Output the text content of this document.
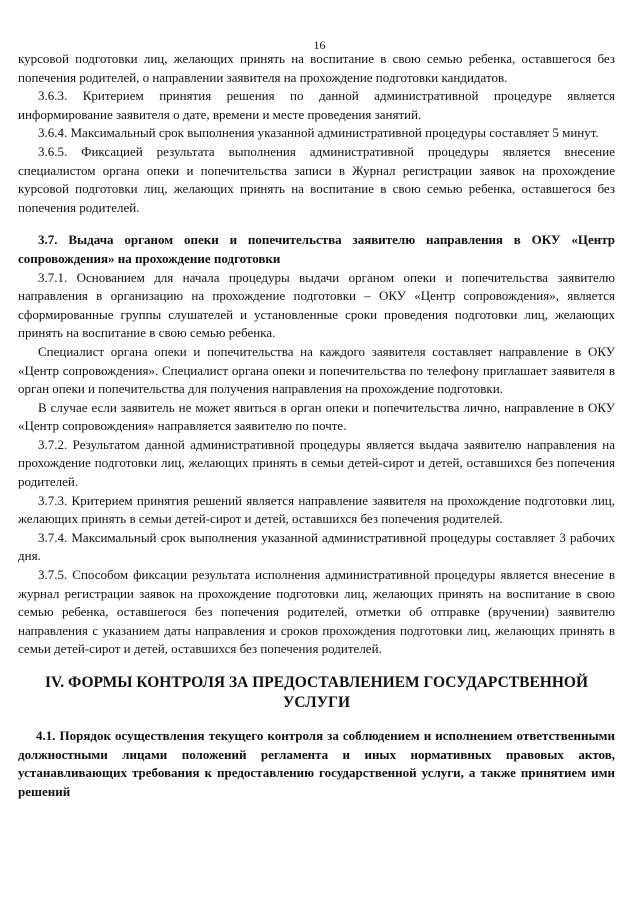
16

курсовой подготовки лиц, желающих принять на воспитание в свою семью ребенка, оставшегося без попечения родителей, о направлении заявителя на прохождение подготовки кандидатов.

3.6.3. Критерием принятия решения по данной административной процедуре является информирование заявителя о дате, времени и месте проведения занятий.

3.6.4. Максимальный срок выполнения указанной административной процедуры составляет 5 минут.

3.6.5. Фиксацией результата выполнения административной процедуры является внесение специалистом органа опеки и попечительства записи в Журнал регистрации заявок на прохождение курсовой подготовки лиц, желающих принять на воспитание в свою семью ребенка, оставшегося без попечения родителей.

3.7. Выдача органом опеки и попечительства заявителю направления в ОКУ «Центр сопровождения» на прохождение подготовки

3.7.1. Основанием для начала процедуры выдачи органом опеки и попечительства заявителю направления в организацию на прохождение подготовки – ОКУ «Центр сопровождения», является сформированные группы слушателей и установленные сроки проведения подготовки лиц, желающих принять на воспитание в свою семью ребенка.

Специалист органа опеки и попечительства на каждого заявителя составляет направление в ОКУ «Центр сопровождения». Специалист органа опеки и попечительства по телефону приглашает заявителя в орган опеки и попечительства для получения направления на прохождение подготовки.

В случае если заявитель не может явиться в орган опеки и попечительства лично, направление в ОКУ «Центр сопровождения» направляется заявителю по почте.

3.7.2. Результатом данной административной процедуры является выдача заявителю направления на прохождение подготовки лиц, желающих принять в семьи детей-сирот и детей, оставшихся без попечения родителей.

3.7.3. Критерием принятия решений является направление заявителя на прохождение подготовки лиц, желающих принять в семьи детей-сирот и детей, оставшихся без попечения родителей.

3.7.4. Максимальный срок выполнения указанной административной процедуры составляет 3 рабочих дня.

3.7.5. Способом фиксации результата исполнения административной процедуры является внесение в журнал регистрации заявок на прохождение подготовки лиц, желающих принять на воспитание в свою семью ребенка, оставшегося без попечения родителей, отметки об отправке (вручении) заявителю направления с указанием даты направления и сроков прохождения подготовки лиц, желающих принять в семьи детей-сирот и детей, оставшихся без попечения родителей.

IV. ФОРМЫ КОНТРОЛЯ ЗА ПРЕДОСТАВЛЕНИЕМ ГОСУДАРСТВЕННОЙ УСЛУГИ

4.1. Порядок осуществления текущего контроля за соблюдением и исполнением ответственными должностными лицами положений регламента и иных нормативных правовых актов, устанавливающих требования к предоставлению государственной услуги, а также принятием ими решений
